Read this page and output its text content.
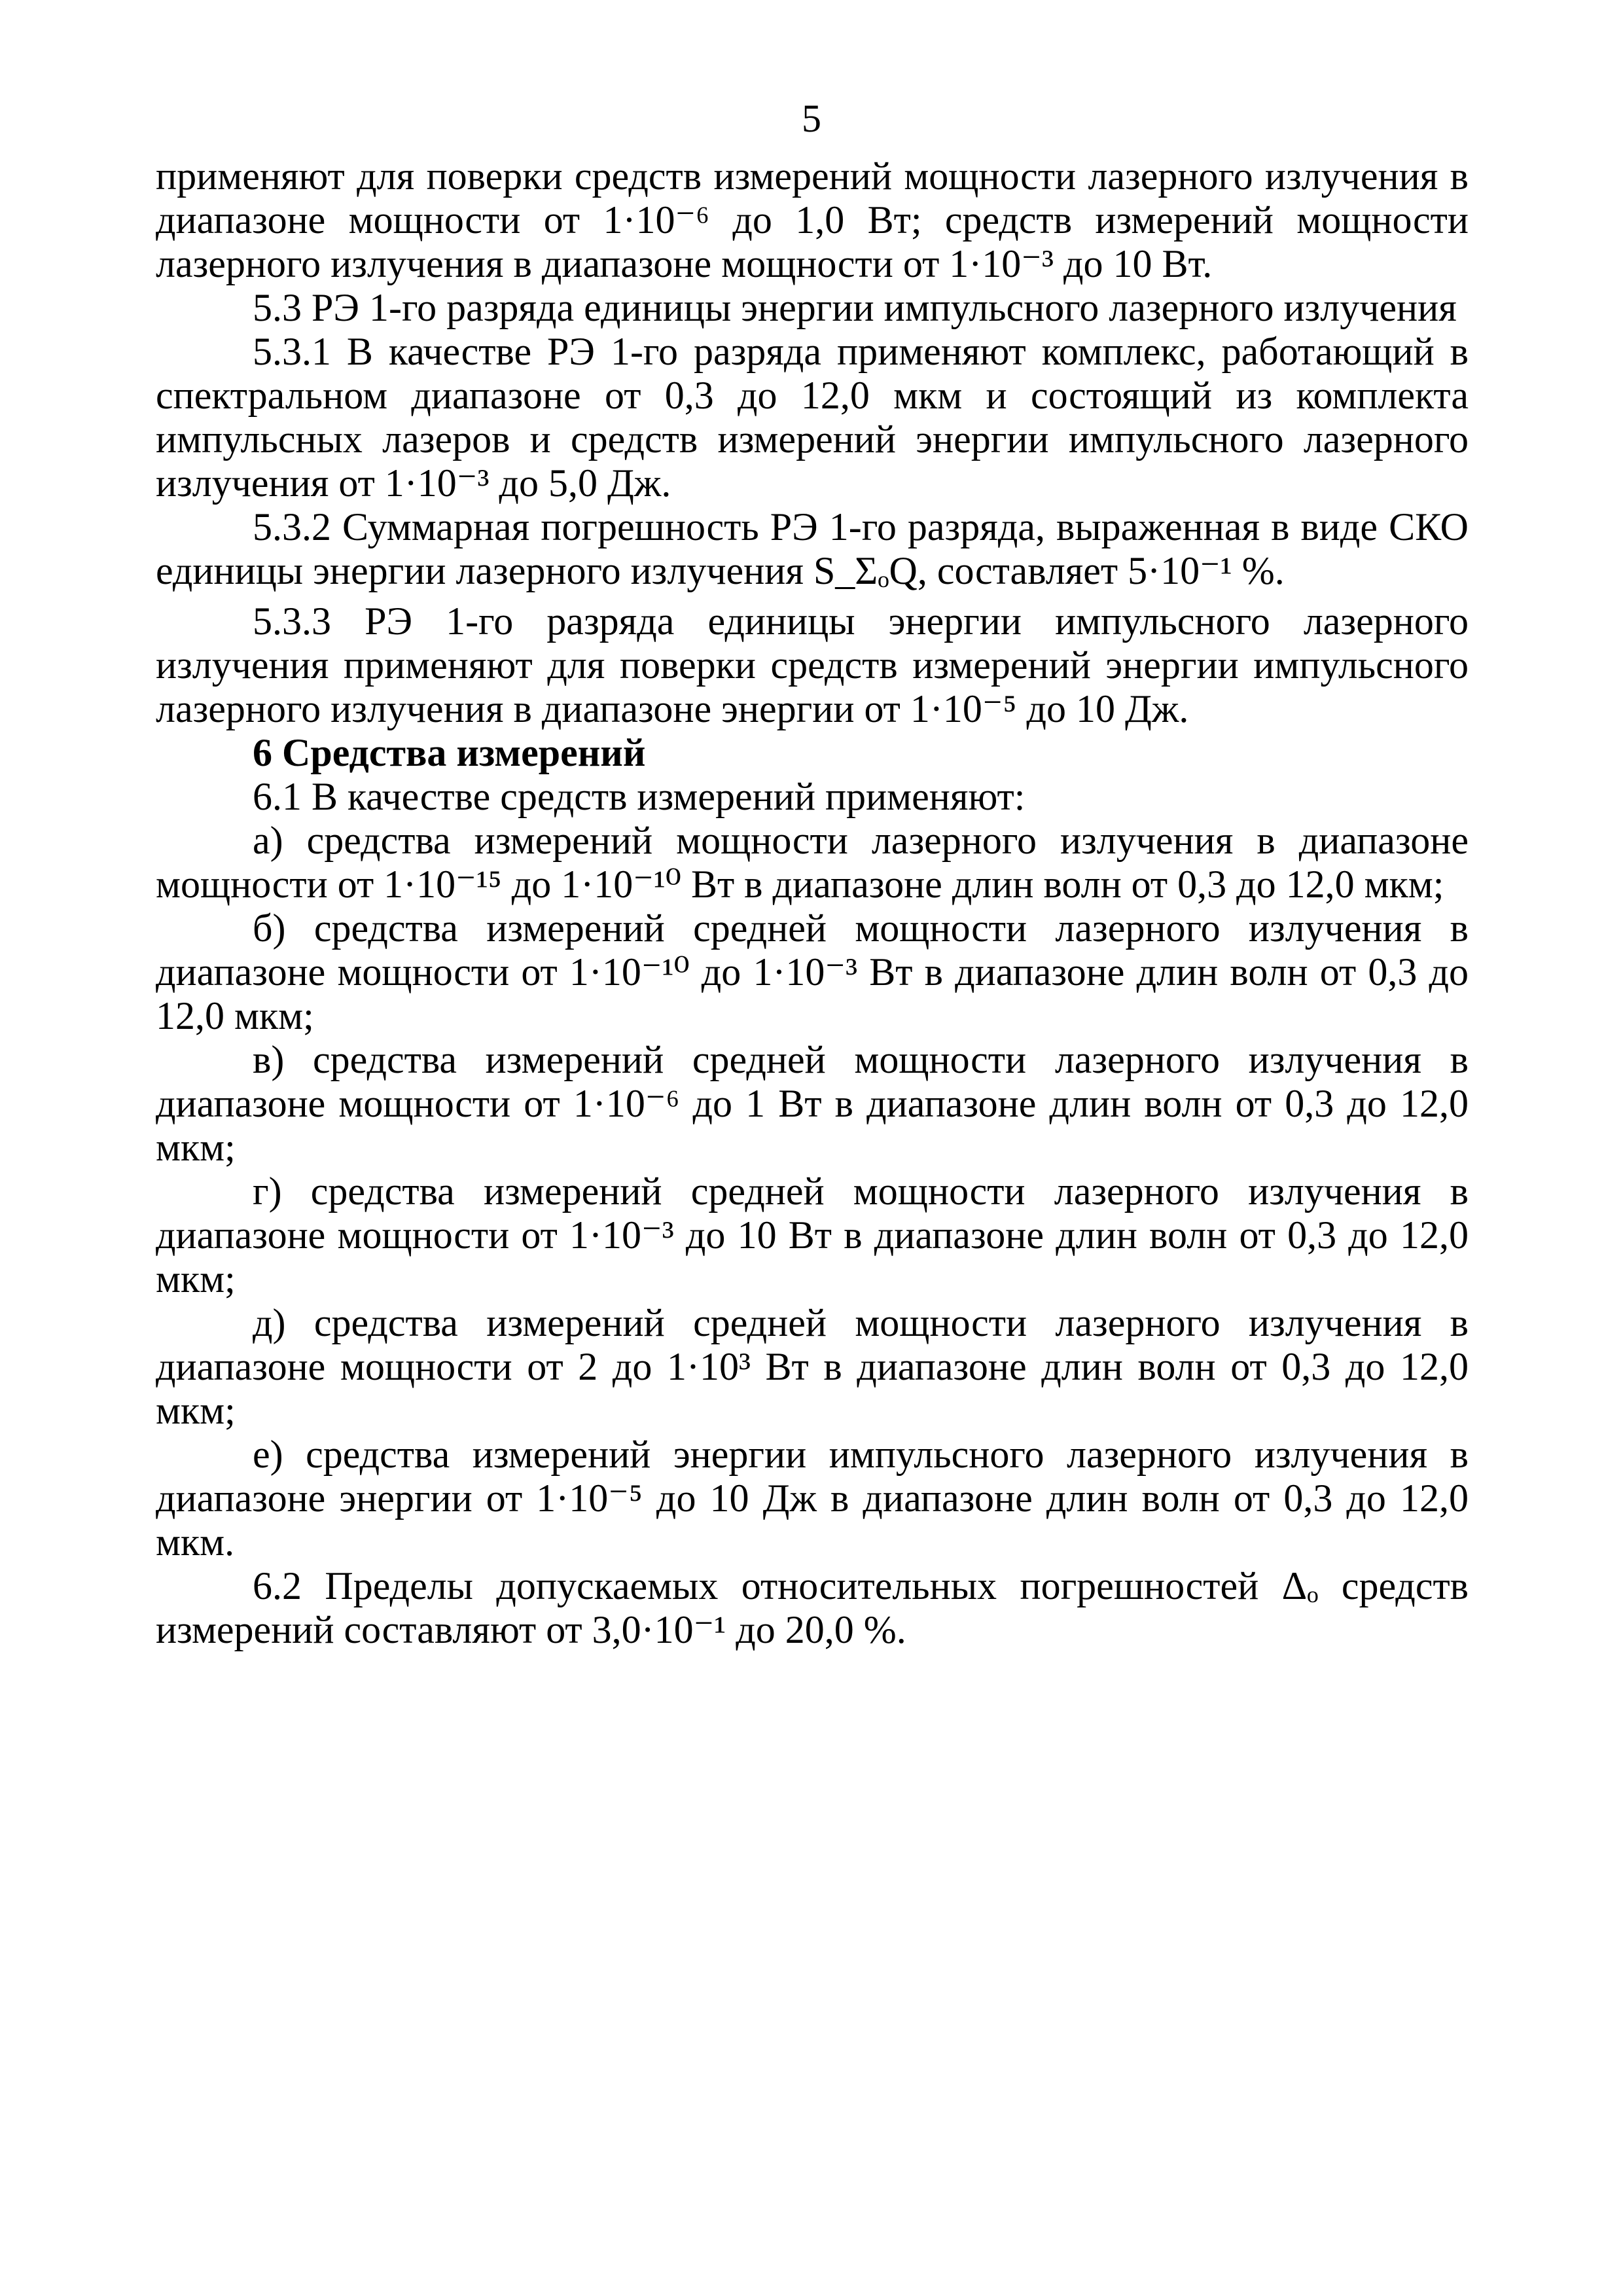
5

применяют для поверки средств измерений мощности лазерного излучения в диапазоне мощности от 1·10⁻⁶ до 1,0 Вт; средств измерений мощности лазерного излучения в диапазоне мощности от 1·10⁻³ до 10 Вт.

5.3 РЭ 1-го разряда единицы энергии импульсного лазерного излучения

5.3.1 В качестве РЭ 1-го разряда применяют комплекс, работающий в спектральном диапазоне от 0,3 до 12,0 мкм и состоящий из комплекта импульсных лазеров и средств измерений энергии импульсного лазерного излучения от 1·10⁻³ до 5,0 Дж.

5.3.2 Суммарная погрешность РЭ 1-го разряда, выраженная в виде СКО единицы энергии лазерного излучения S_ΣₒQ, составляет 5·10⁻¹ %.

5.3.3 РЭ 1-го разряда единицы энергии импульсного лазерного излучения применяют для поверки средств измерений энергии импульсного лазерного излучения в диапазоне энергии от 1·10⁻⁵ до 10 Дж.

6 Средства измерений

6.1 В качестве средств измерений применяют:

а) средства измерений мощности лазерного излучения в диапазоне мощности от 1·10⁻¹⁵ до 1·10⁻¹⁰ Вт в диапазоне длин волн от 0,3 до 12,0 мкм;

б) средства измерений средней мощности лазерного излучения в диапазоне мощности от 1·10⁻¹⁰ до 1·10⁻³ Вт в диапазоне длин волн от 0,3 до 12,0 мкм;

в) средства измерений средней мощности лазерного излучения в диапазоне мощности от 1·10⁻⁶ до 1 Вт в диапазоне длин волн от 0,3 до 12,0 мкм;

г) средства измерений средней мощности лазерного излучения в диапазоне мощности от 1·10⁻³ до 10 Вт в диапазоне длин волн от 0,3 до 12,0 мкм;

д) средства измерений средней мощности лазерного излучения в диапазоне мощности от 2 до 1·10³ Вт в диапазоне длин волн от 0,3 до 12,0 мкм;

е) средства измерений энергии импульсного лазерного излучения в диапазоне энергии от 1·10⁻⁵ до 10 Дж в диапазоне длин волн от 0,3 до 12,0 мкм.

6.2 Пределы допускаемых относительных погрешностей Δₒ средств измерений составляют от 3,0·10⁻¹ до 20,0 %.
